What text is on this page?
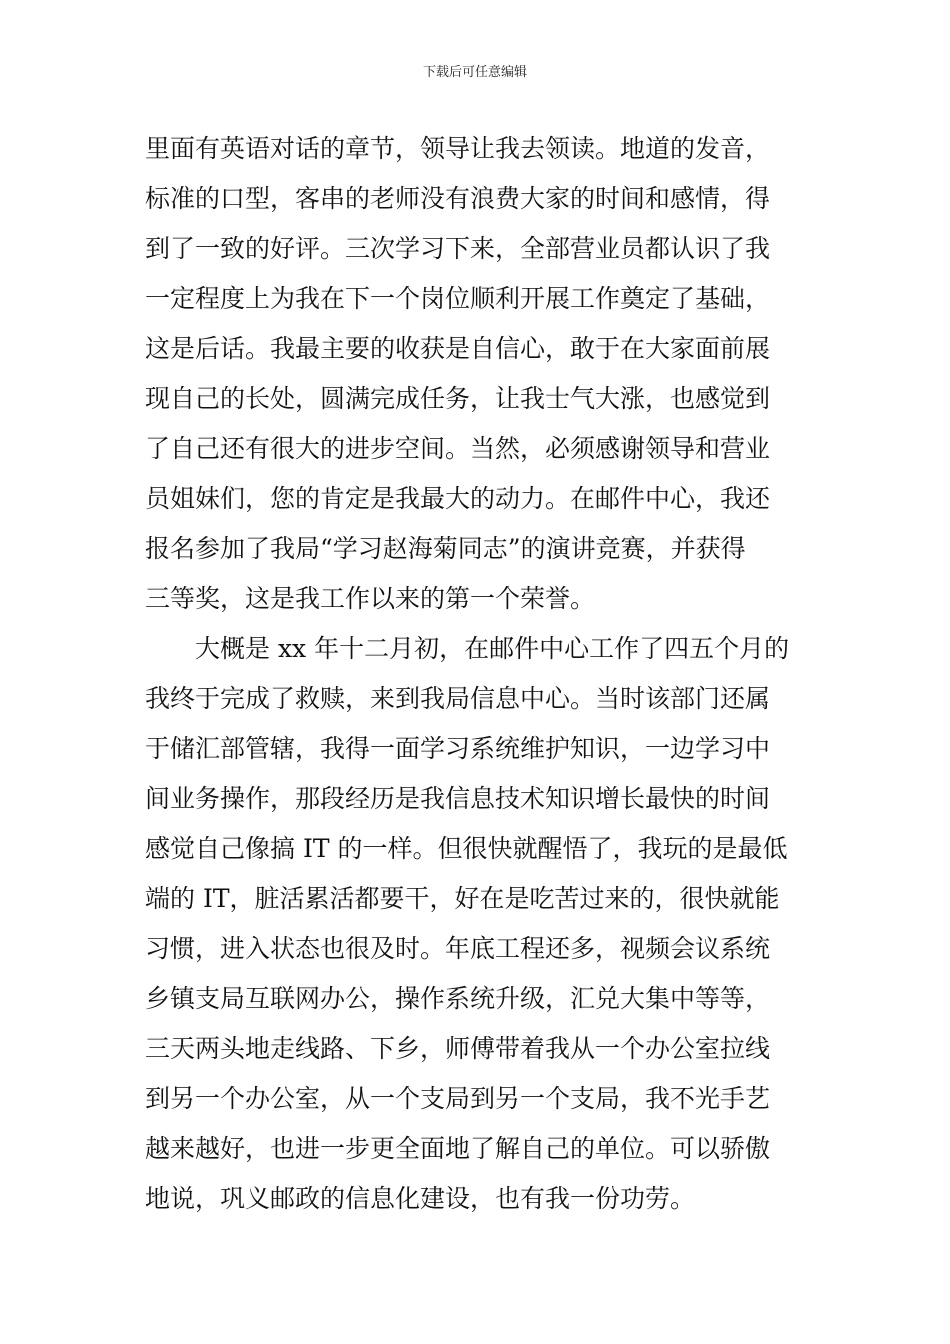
下载后可任意编辑
里面有英语对话的章节，领导让我去领读。地道的发音，
标准的口型，客串的老师没有浪费大家的时间和感情，得
到了一致的好评。三次学习下来，全部营业员都认识了我
一定程度上为我在下一个岗位顺利开展工作奠定了基础，
这是后话。我最主要的收获是自信心，敢于在大家面前展
现自己的长处，圆满完成任务，让我士气大涨，也感觉到
了自己还有很大的进步空间。当然，必须感谢领导和营业
员姐妹们，您的肯定是我最大的动力。在邮件中心，我还
报名参加了我局“学习赵海菊同志”的演讲竞赛，并获得
三等奖，这是我工作以来的第一个荣誉。
大概是 xx 年十二月初，在邮件中心工作了四五个月的
我终于完成了救赎，来到我局信息中心。当时该部门还属
于储汇部管辖，我得一面学习系统维护知识，一边学习中
间业务操作，那段经历是我信息技术知识增长最快的时间
感觉自己像搞 IT 的一样。但很快就醒悟了，我玩的是最低
端的 IT，脏活累活都要干，好在是吃苦过来的，很快就能
习惯，进入状态也很及时。年底工程还多，视频会议系统
乡镇支局互联网办公，操作系统升级，汇兑大集中等等，
三天两头地走线路、下乡，师傅带着我从一个办公室拉线
到另一个办公室，从一个支局到另一个支局，我不光手艺
越来越好，也进一步更全面地了解自己的单位。可以骄傲
地说，巩义邮政的信息化建设，也有我一份功劳。
